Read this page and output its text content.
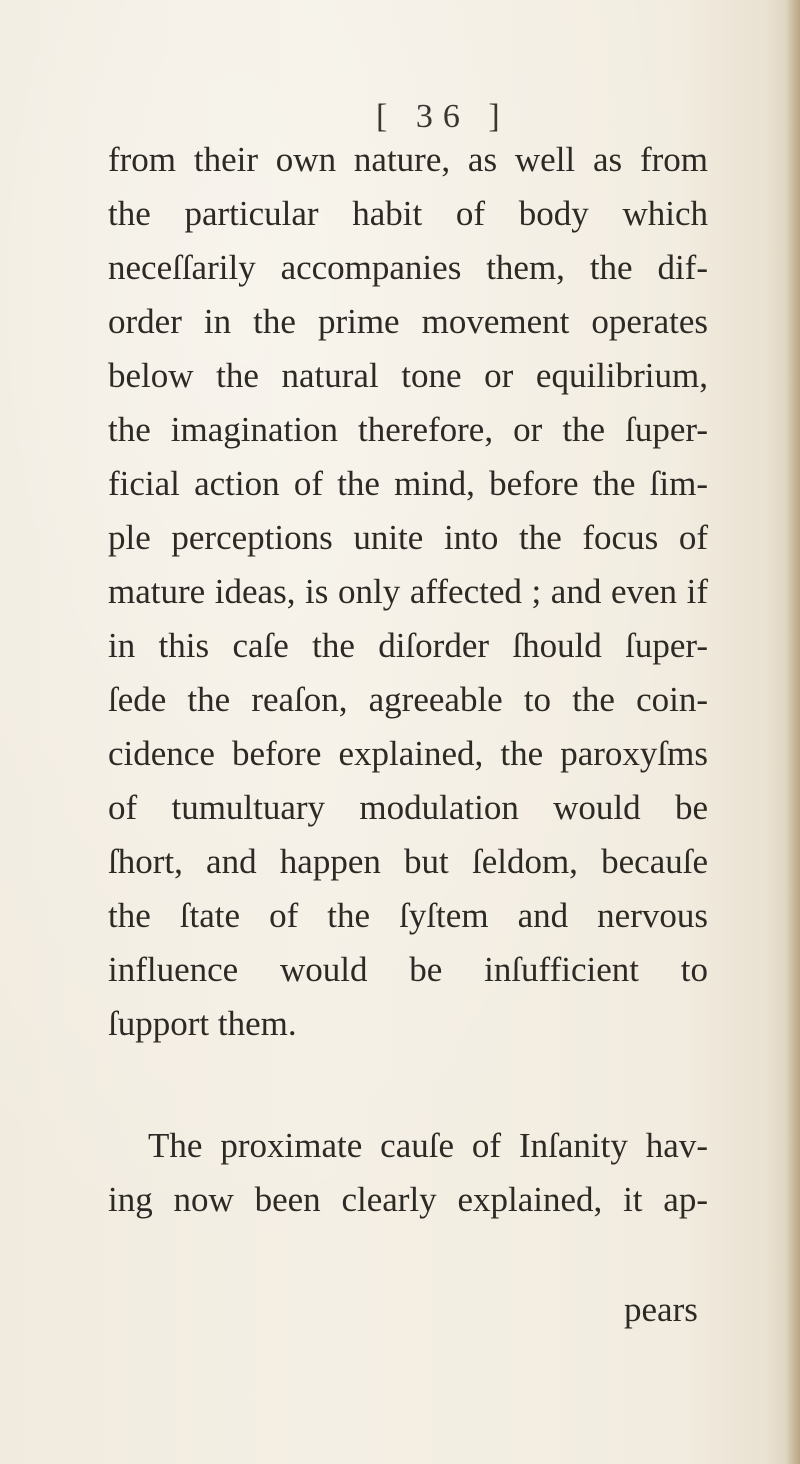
[ 36 ]
from their own nature, as well as from
the particular habit of body which
neceſſarily accompanies them, the dif-
order in the prime movement operates
below the natural tone or equilibrium,
the imagination therefore, or the ſuper-
ficial action of the mind, before the ſim-
ple perceptions unite into the focus of
mature ideas, is only affected ; and even if
in this caſe the diſorder ſhould ſuper-
ſede the reaſon, agreeable to the coin-
cidence before explained, the paroxyſms
of tumultuary modulation would be
ſhort, and happen but ſeldom, becauſe
the ſtate of the ſyſtem and nervous
influence would be inſufficient to
ſupport them.
The proximate cauſe of Inſanity hav-
ing now been clearly explained, it ap-
pears
